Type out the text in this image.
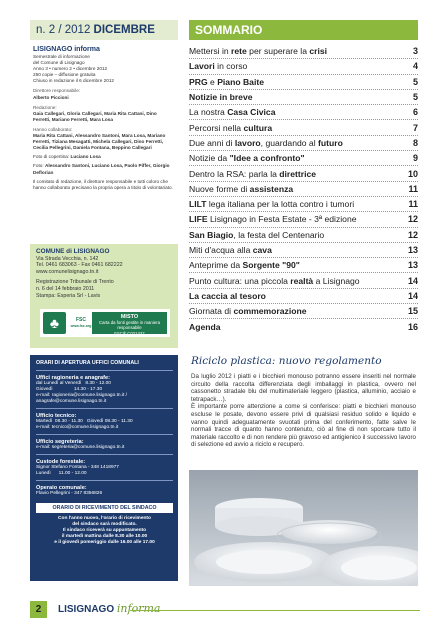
n. 2 / 2012 DICEMBRE
LISIGNAGO informa
Semestrale di informazione
del Comune di Lisignago
Anno 3 • numero 2 • dicembre 2012
250 copie – diffusione gratuita
Chiuso in redazione il 6 dicembre 2012
Direttore responsabile:
Alberto Piccioni
Redazione:
Gaia Callegari, Gloria Callegari, Maria Rita Cattani, Dino Ferretti, Mariano Ferretti, Mara Losa
Hanno collaborato:
Maria Rita Cattani, Alessandro Santoni, Mara Losa, Mariano Ferretti, Tiziana Mesagatti, Michela Callegari, Dino Ferretti, Cecilia Pellegrini, Daniela Fontana, Beppino Callegari
Foto di copertina: Luciano Losa
Foto: Alessandro Santoni, Luciano Losa, Paolo Piffer, Giorgio Deflorian
Il comitato di redazione, il direttore responsabile e tutti coloro che hanno collaborato precisano la propria opera a titolo di volontariato.
COMUNE di LISIGNAGO
Via Strada Vecchia, n. 142
Tel. 0461 683063 - Fax 0461 682222
www.comunelisignago.tn.it
Registrazione Tribunale di Trento
n. 6 del 14 febbraio 2011
Stampa: Esperia Srl - Lavis
♣	FSC
www.fsc.org
MISTO
Carta da fonti gestite in maniera responsabile
FSC® C021437
ORARI DI APERTURA UFFICI COMUNALI
Uffici ragioneria e anagrafe:
dal Lunedì al Venerdì   8.30 - 12.00
Giovedì                14.30 - 17.30
e-mail: ragioneria@comune.lisignago.tn.it /
anagrafe@comune.lisignago.tn.it
Ufficio tecnico:
Martedì  08.30 - 11.30   Giovedì 08.30 - 11.30
e-mail: tecnico@comune.lisignago.tn.it
Ufficio segreteria:
e-mail: segreteria@comune.lisignago.tn.it
Custode forestale:
Signor Stefano Fontana - 348 1418977
Lunedì      11.00 - 12.00
Operaio comunale:
Flavio Pellegrini - 347 8356826
ORARIO DI RICEVIMENTO DEL SINDACO
Con l'anno nuovo, l'orario di ricevimento
del sindaco sarà modificato.
Il sindaco riceverà su appuntamento
il martedì mattina dalle 8.30 alle 10.00
e il giovedì pomeriggio dalle 16.00 alle 17.00
SOMMARIO
Mettersi in rete per superare la crisi	3
Lavori in corso	4
PRG e Piano Baite	5
Notizie in breve	5
La nostra Casa Civica	6
Percorsi nella cultura	7
Due anni di lavoro, guardando al futuro	8
Notizie da "Idee a confronto"	9
Dentro la RSA: parla la direttrice	10
Nuove forme di assistenza	11
LILT lega italiana per la lotta contro i tumori	11
LIFE Lisignago in Festa Estate - 3ª edizione	12
San Biagio, la festa del Centenario	12
Miti d'acqua alla cava	13
Anteprime da Sorgente "90"	13
Punto cultura: una piccola realtà a Lisignago	14
La caccia al tesoro	14
Giornata di commemorazione	15
Agenda	16
Riciclo plastica: nuovo regolamento

Da luglio 2012 i piatti e i bicchieri monouso potranno essere inseriti nel normale circuito della raccolta differenziata degli imballaggi in plastica, ovvero nel cassonetto stradale blu del multimateriale leggero (plastica, alluminio, acciaio e tetrapack…).

È importante porre attenzione a come si conferisce: piatti e bicchieri monouso escluse le posate, devono essere privi di qualsiasi residuo solido e liquido e vanno quindi adeguatamente svuotati prima del conferimento, fatte salve le normali tracce di quanto hanno contenuto, ciò al fine di non sporcare tutto il materiale raccolto e di non rendere più gravoso ed antigienico il successivo lavoro di selezione ed avvio a riciclo e recupero.

2	LISIGNAGO informa
